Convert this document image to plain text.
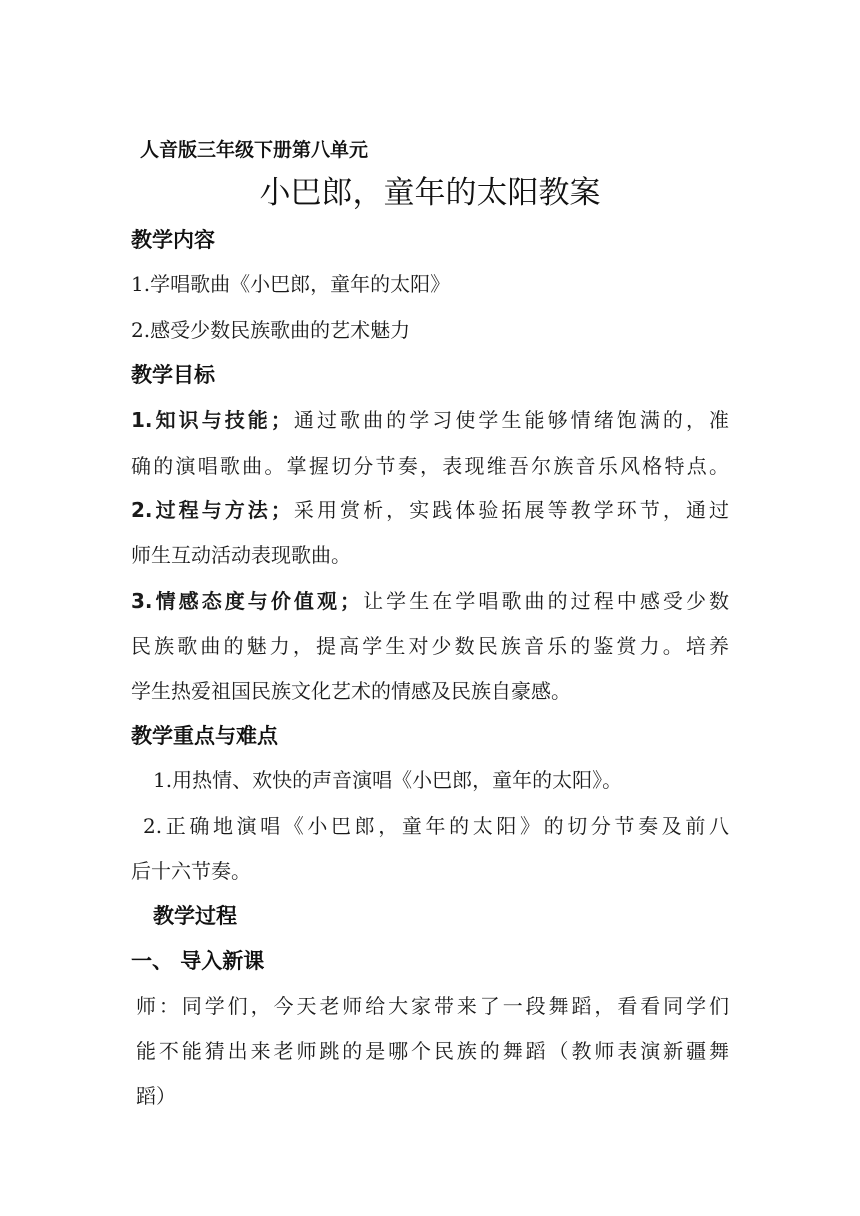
人音版三年级下册第八单元
小巴郎，童年的太阳教案
教学内容
1.学唱歌曲《小巴郎，童年的太阳》
2.感受少数民族歌曲的艺术魅力
教学目标
1.知识与技能；通过歌曲的学习使学生能够情绪饱满的，准
确的演唱歌曲。掌握切分节奏，表现维吾尔族音乐风格特点。
2.过程与方法；采用赏析，实践体验拓展等教学环节，通过
师生互动活动表现歌曲。
3.情感态度与价值观；让学生在学唱歌曲的过程中感受少数
民族歌曲的魅力，提高学生对少数民族音乐的鉴赏力。培养
学生热爱祖国民族文化艺术的情感及民族自豪感。
教学重点与难点
1.用热情、欢快的声音演唱《小巴郎，童年的太阳》。
2.正确地演唱《小巴郎，童年的太阳》的切分节奏及前八
后十六节奏。
教学过程
一、 导入新课
师：同学们，今天老师给大家带来了一段舞蹈，看看同学们
能不能猜出来老师跳的是哪个民族的舞蹈（教师表演新疆舞
蹈）
